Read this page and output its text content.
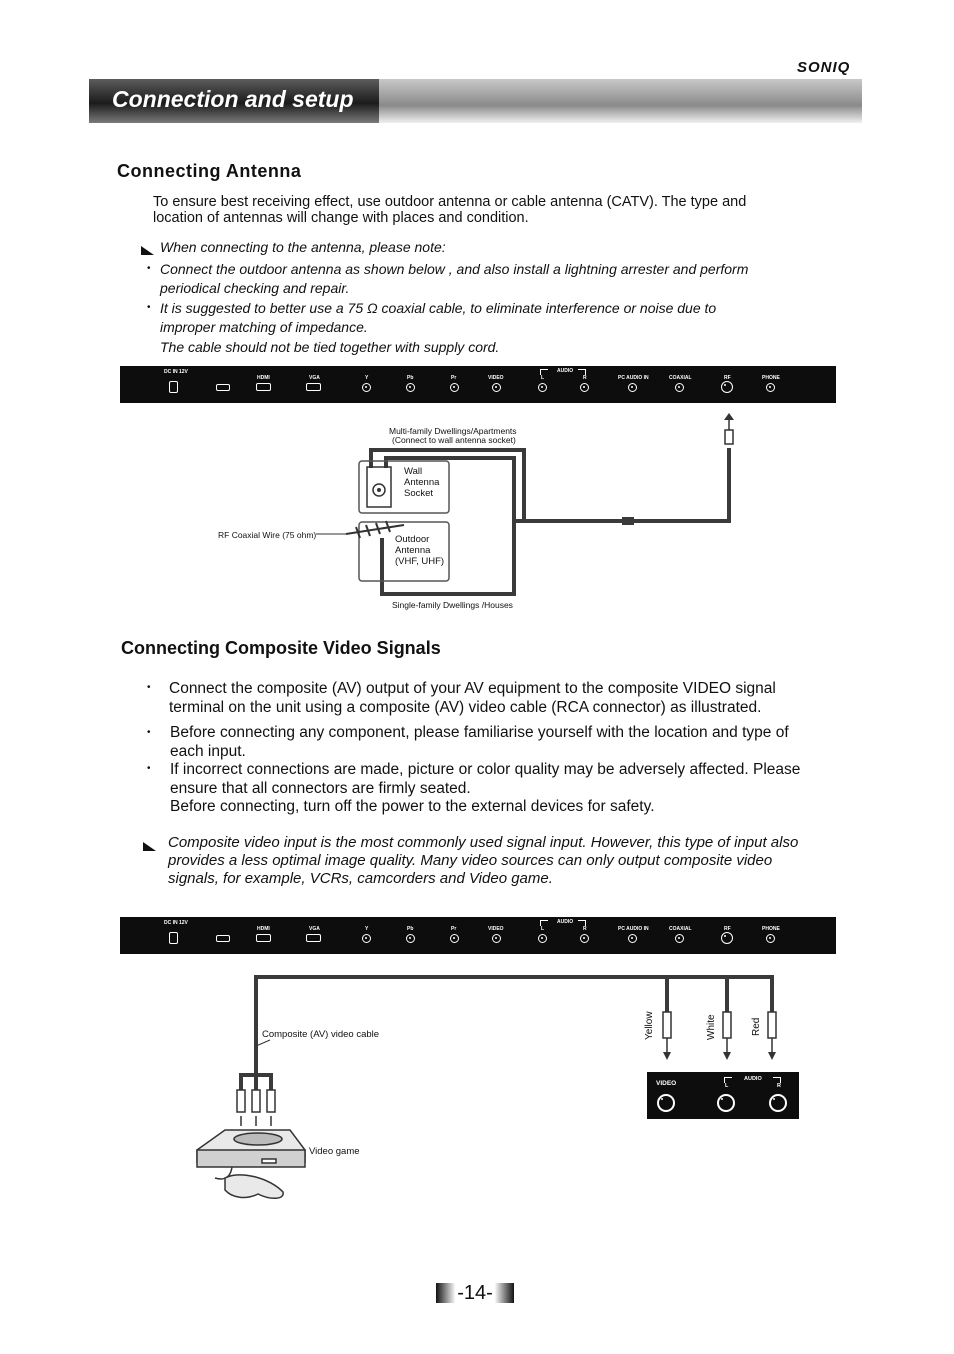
SONIQ
Connection and setup
Connecting Antenna
To ensure best receiving effect, use outdoor antenna or cable antenna (CATV). The type and
location of antennas will change with places and condition.
When connecting to the antenna, please note:
• Connect the outdoor antenna as shown below , and also install a lightning arrester and perform
periodical checking and repair.
• It is suggested to better use a 75 Ω coaxial cable, to eliminate interference or noise due to
improper matching of impedance.
The cable should not be tied together with supply cord.
DC IN 12V
HDMI	VGA	Y	Pb	Pr	VIDEO
AUDIO
L	R	PC AUDIO IN	COAXIAL	RF	PHONE
Multi-family Dwellings/Apartments
(Connect to wall antenna socket)
Wall
Antenna
Socket
Outdoor
Antenna
(VHF, UHF)
RF Coaxial Wire (75 ohm)
Single-family Dwellings /Houses
Connecting Composite Video Signals
• Connect the composite (AV) output of your AV equipment to the composite VIDEO signal
terminal on the unit using a composite (AV) video cable (RCA connector) as illustrated.
• Before connecting any component, please familiarise yourself with the location and type of
each input.
• If incorrect connections are made, picture or color quality may be adversely affected. Please
ensure that all connectors are firmly seated.
Before connecting, turn off the power to the external devices for safety.
Composite video input is the most commonly used signal input. However, this type of input also
provides a less optimal image quality. Many video sources can only output composite video
signals, for example, VCRs, camcorders and Video game.
DC IN 12V
HDMI	VGA	Y	Pb	Pr	VIDEO
AUDIO
L	R	PC AUDIO IN	COAXIAL	RF	PHONE
Composite (AV) video cable
Video game
Yellow	White	Red
VIDEO
AUDIO
L	R
-14-
